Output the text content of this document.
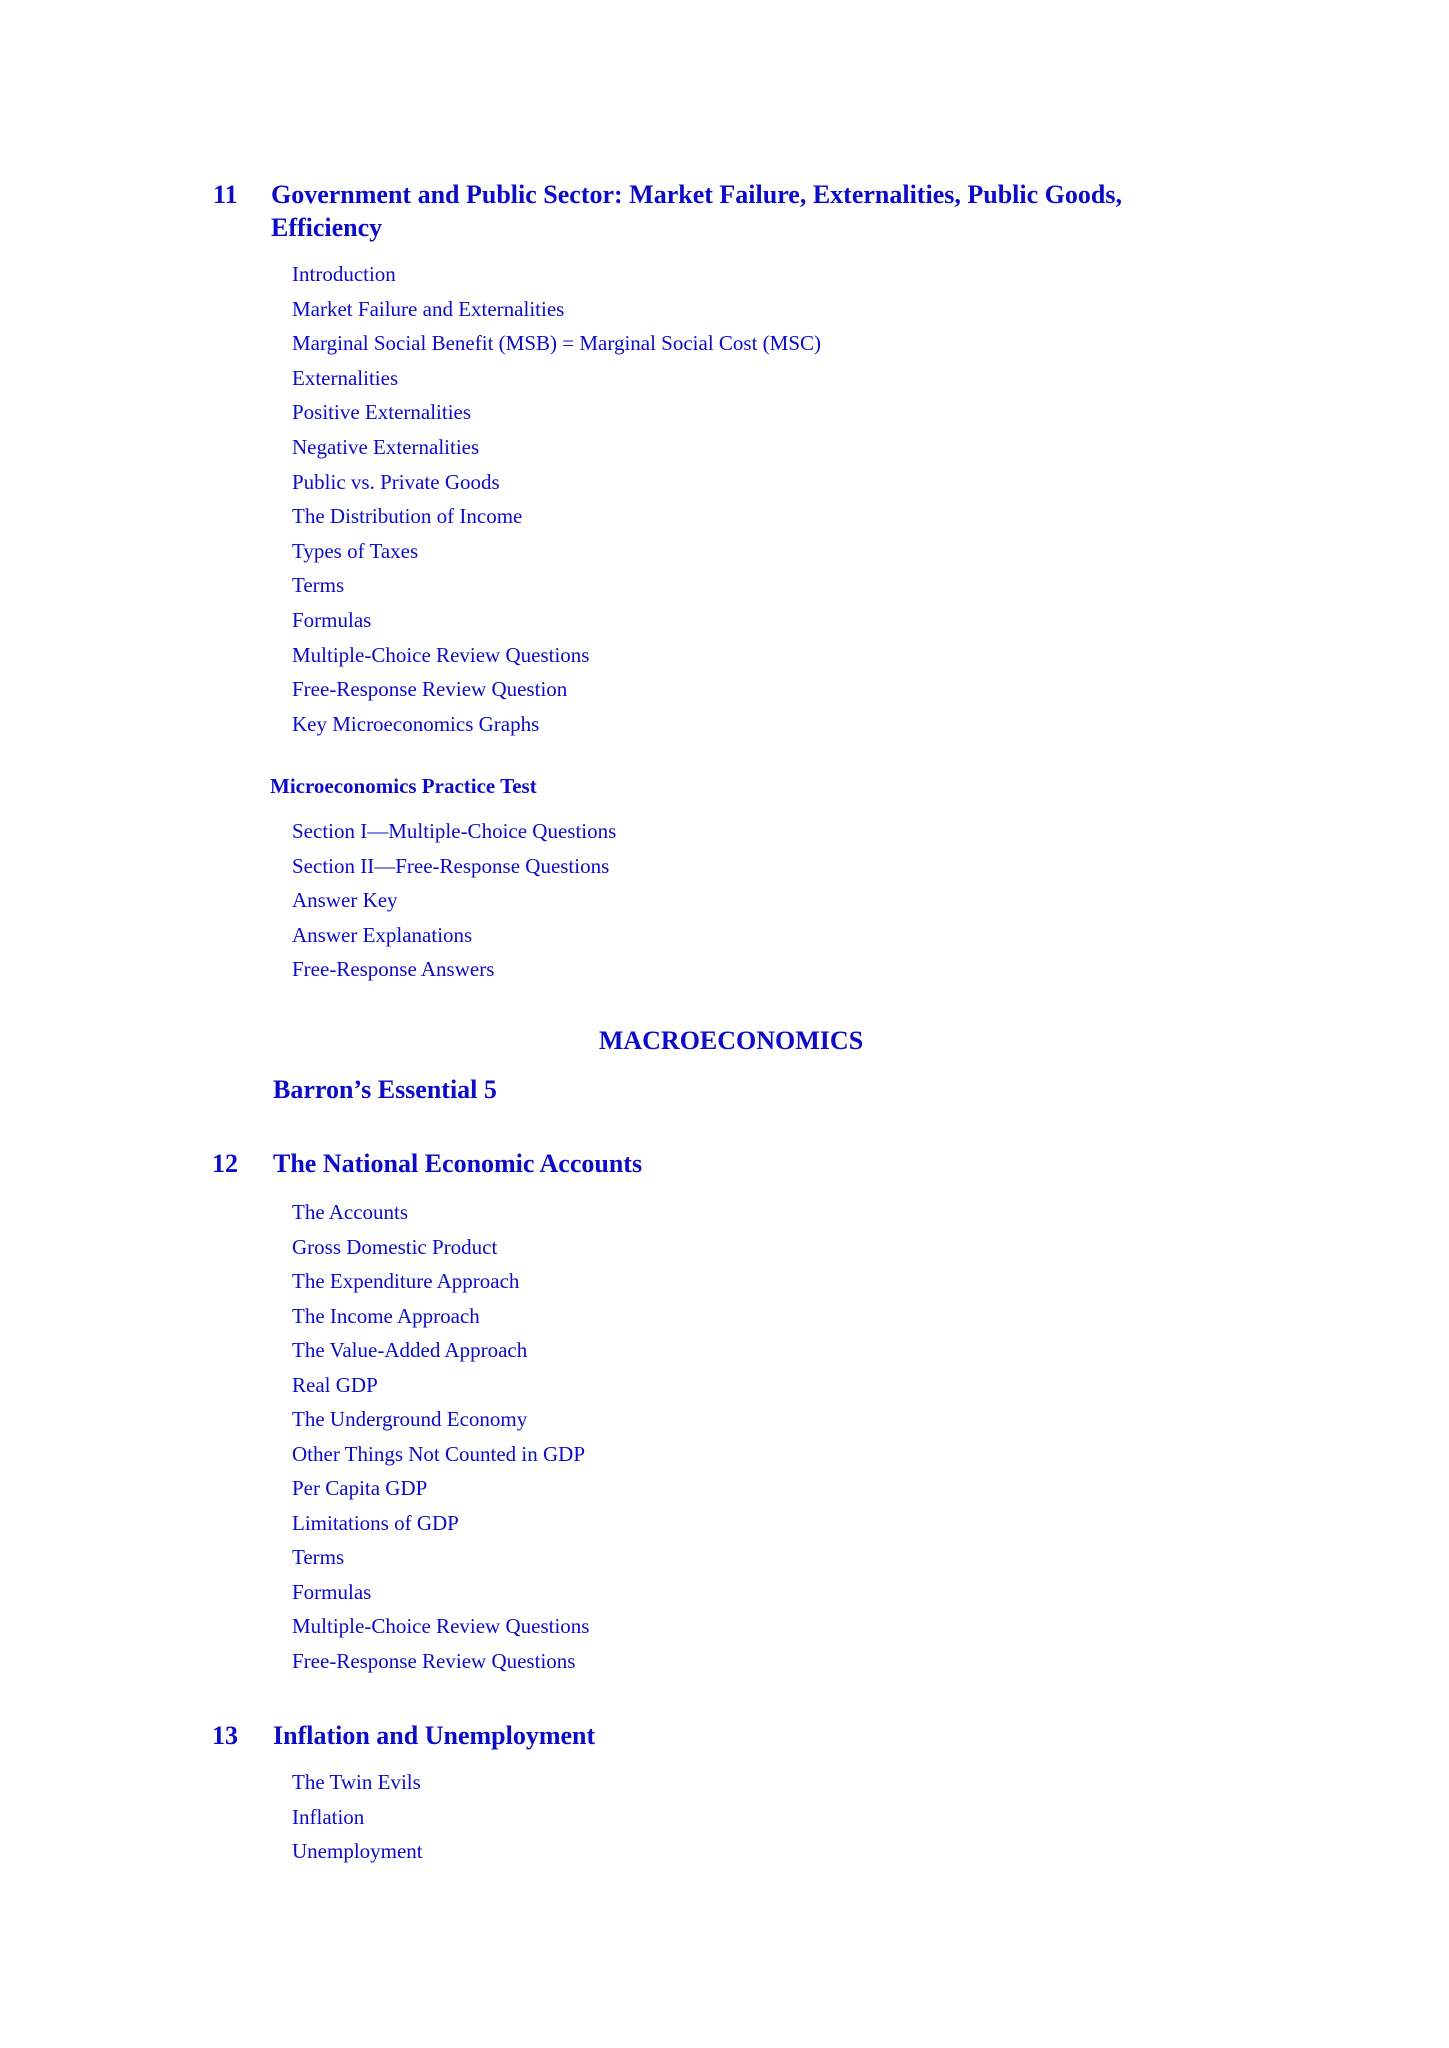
11 Government and Public Sector: Market Failure, Externalities, Public Goods, Efficiency
Introduction
Market Failure and Externalities
Marginal Social Benefit (MSB) = Marginal Social Cost (MSC)
Externalities
Positive Externalities
Negative Externalities
Public vs. Private Goods
The Distribution of Income
Types of Taxes
Terms
Formulas
Multiple-Choice Review Questions
Free-Response Review Question
Key Microeconomics Graphs
Microeconomics Practice Test
Section I—Multiple-Choice Questions
Section II—Free-Response Questions
Answer Key
Answer Explanations
Free-Response Answers
MACROECONOMICS
Barron’s Essential 5
12 The National Economic Accounts
The Accounts
Gross Domestic Product
The Expenditure Approach
The Income Approach
The Value-Added Approach
Real GDP
The Underground Economy
Other Things Not Counted in GDP
Per Capita GDP
Limitations of GDP
Terms
Formulas
Multiple-Choice Review Questions
Free-Response Review Questions
13 Inflation and Unemployment
The Twin Evils
Inflation
Unemployment
